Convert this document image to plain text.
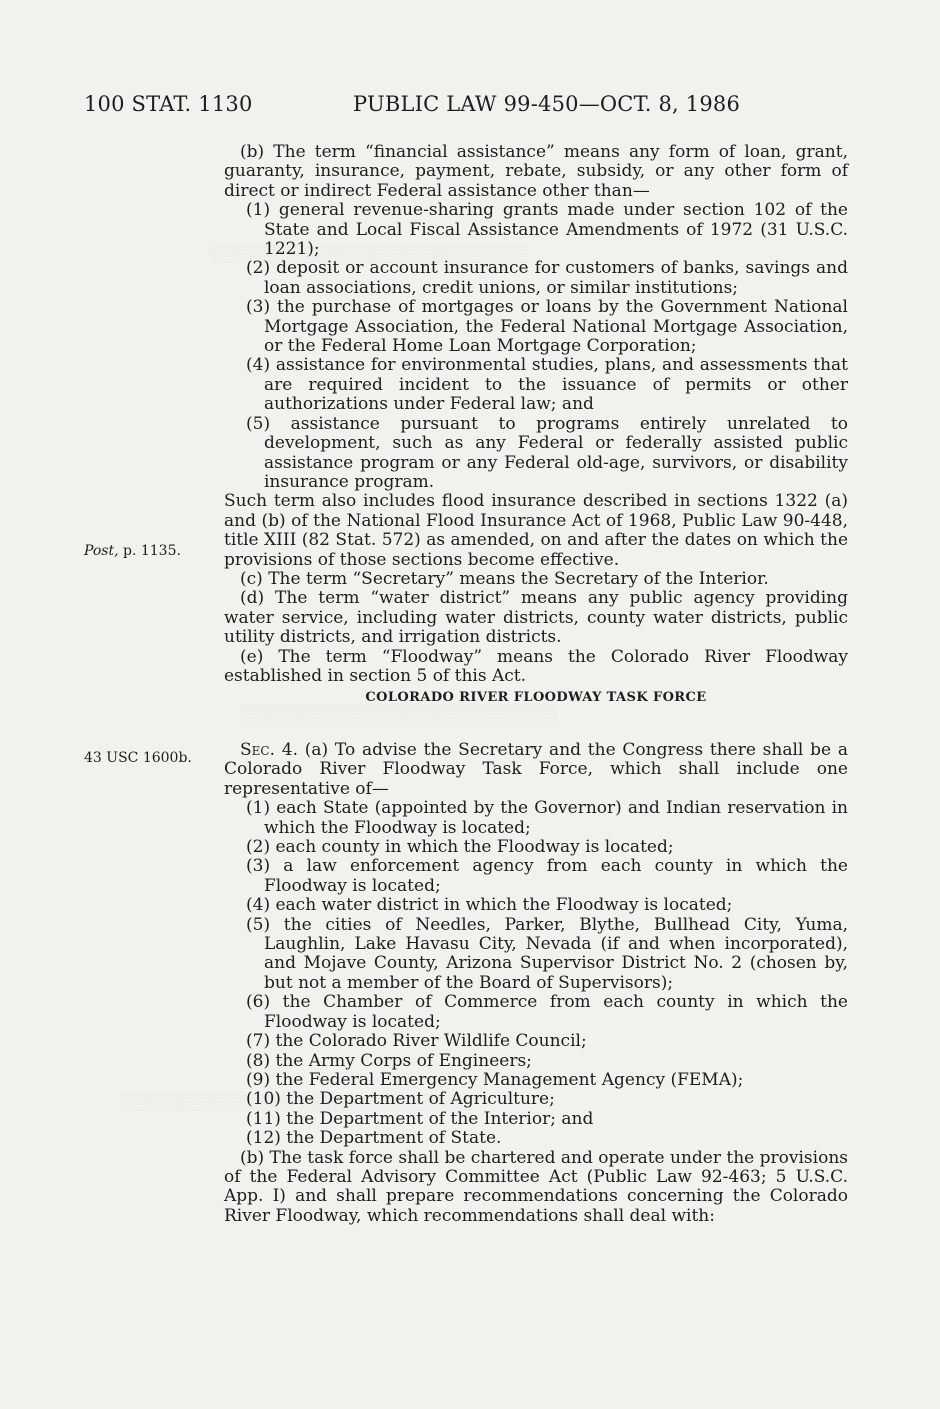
100 STAT. 1130	PUBLIC LAW 99-450—OCT. 8, 1986
Post, p. 1135.
43 USC 1600b.

(b) The term “financial assistance” means any form of loan, grant, guaranty, insurance, payment, rebate, subsidy, or any other form of direct or indirect Federal assistance other than—

(1) general revenue-sharing grants made under section 102 of the State and Local Fiscal Assistance Amendments of 1972 (31 U.S.C. 1221);

(2) deposit or account insurance for customers of banks, savings and loan associations, credit unions, or similar institutions;

(3) the purchase of mortgages or loans by the Government National Mortgage Association, the Federal National Mortgage Association, or the Federal Home Loan Mortgage Corporation;

(4) assistance for environmental studies, plans, and assessments that are required incident to the issuance of permits or other authorizations under Federal law; and

(5) assistance pursuant to programs entirely unrelated to development, such as any Federal or federally assisted public assistance program or any Federal old-age, survivors, or disability insurance program.

Such term also includes flood insurance described in sections 1322 (a) and (b) of the National Flood Insurance Act of 1968, Public Law 90-448, title XIII (82 Stat. 572) as amended, on and after the dates on which the provisions of those sections become effective.

(c) The term “Secretary” means the Secretary of the Interior.

(d) The term “water district” means any public agency providing water service, including water districts, county water districts, public utility districts, and irrigation districts.

(e) The term “Floodway” means the Colorado River Floodway established in section 5 of this Act.

COLORADO RIVER FLOODWAY TASK FORCE

Sec. 4. (a) To advise the Secretary and the Congress there shall be a Colorado River Floodway Task Force, which shall include one representative of—

(1) each State (appointed by the Governor) and Indian reservation in which the Floodway is located;

(2) each county in which the Floodway is located;

(3) a law enforcement agency from each county in which the Floodway is located;

(4) each water district in which the Floodway is located;

(5) the cities of Needles, Parker, Blythe, Bullhead City, Yuma, Laughlin, Lake Havasu City, Nevada (if and when incorporated), and Mojave County, Arizona Supervisor District No. 2 (chosen by, but not a member of the Board of Supervisors);

(6) the Chamber of Commerce from each county in which the Floodway is located;

(7) the Colorado River Wildlife Council;

(8) the Army Corps of Engineers;

(9) the Federal Emergency Management Agency (FEMA);

(10) the Department of Agriculture;

(11) the Department of the Interior; and

(12) the Department of State.

(b) The task force shall be chartered and operate under the provisions of the Federal Advisory Committee Act (Public Law 92-463; 5 U.S.C. App. I) and shall prepare recommendations concerning the Colorado River Floodway, which recommendations shall deal with:
